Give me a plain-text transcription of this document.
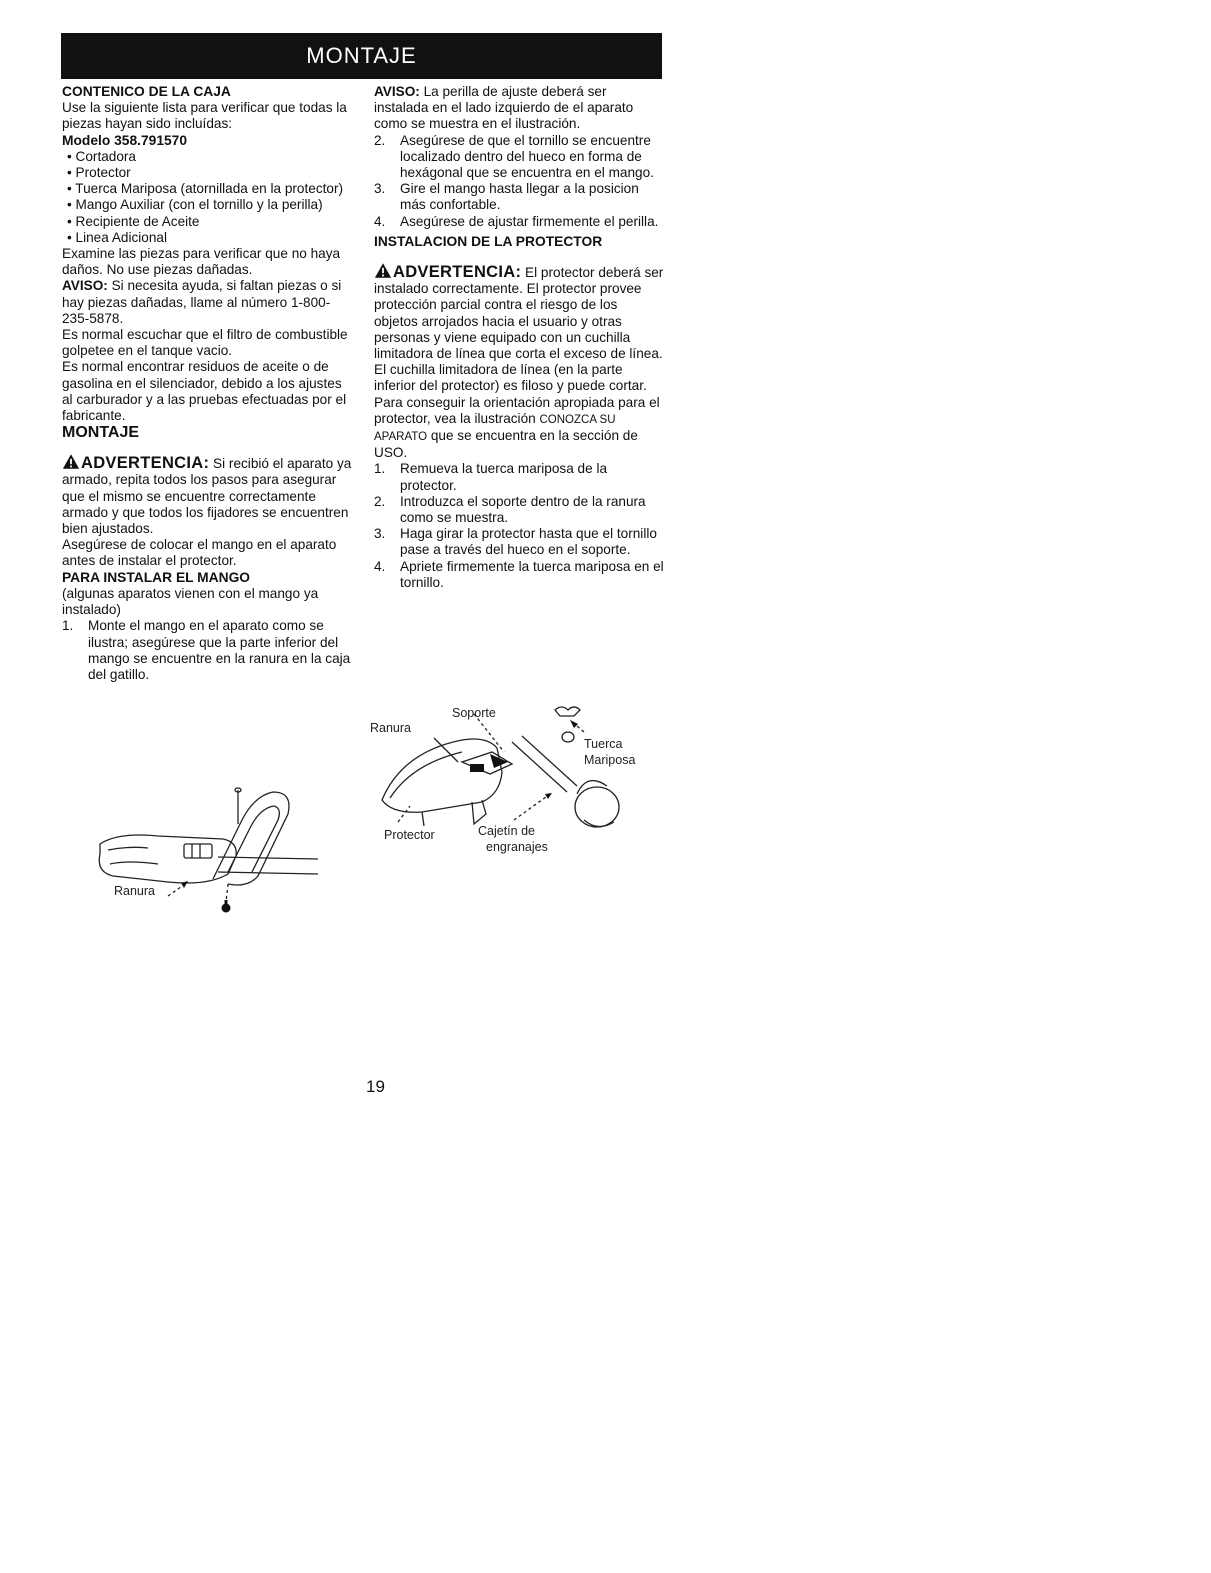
MONTAJE

CONTENICO DE LA CAJA

Use la siguiente lista para verificar que todas la piezas hayan sido incluídas:

Modelo 358.791570

• Cortadora

• Protector

• Tuerca Mariposa (atornillada en la protector)

• Mango Auxiliar (con el tornillo y la perilla)

• Recipiente de Aceite

• Linea Adicional

Examine las piezas para verificar que no haya daños. No use piezas dañadas.

AVISO: Si necesita ayuda, si faltan piezas o si hay piezas dañadas, llame al número 1-800-235-5878.

Es normal escuchar que el filtro de combustible golpetee en el tanque vacio.

Es normal encontrar residuos de aceite o de gasolina en el silenciador, debido a los ajustes al carburador y a las pruebas efectuadas por el fabricante.

MONTAJE

ADVERTENCIA: Si recibió el aparato ya armado, repita todos los pasos para asegurar que el mismo se encuentre correctamente armado y que todos los fijadores se encuentren bien ajustados.

Asegúrese de colocar el mango en el aparato antes de instalar el protector.

PARA INSTALAR EL MANGO

(algunas aparatos vienen con el mango ya instalado)

1.	Monte el mango en el aparato como se ilustra; asegúrese que la parte inferior del mango se encuentre en la ranura en la caja del gatillo.
Ranura

AVISO: La perilla de ajuste deberá ser instalada en el lado izquierdo de el aparato como se muestra en el ilustración.

2.	Asegúrese de que el tornillo se encuentre localizado dentro del hueco en forma de hexágonal que se encuentra en el mango.
3.	Gire el mango hasta llegar a la posicion más confortable.
4.	Asegúrese de ajustar firmemente el perilla.

INSTALACION DE LA PROTECTOR

ADVERTENCIA: El protector deberá ser instalado correctamente. El protector provee protección parcial contra el riesgo de los objetos arrojados hacia el usuario y otras personas y viene equipado con un cuchilla limitadora de línea que corta el exceso de línea. El cuchilla limitadora de línea (en la parte inferior del protector) es filoso y puede cortar. Para conseguir la orientación apropiada para el protector, vea la ilustración CONOZCA SU APARATO que se encuentra en la sección de USO.

1.	Remueva la tuerca mariposa de la protector.
2.	Introduzca el soporte dentro de la ranura como se muestra.
3.	Haga girar la protector hasta que el tornillo pase a través del hueco en el soporte.
4.	Apriete firmemente la tuerca mariposa en el tornillo.
Soporte
Ranura
Tuerca
Mariposa
Protector	Cajetín de
engranajes
19
